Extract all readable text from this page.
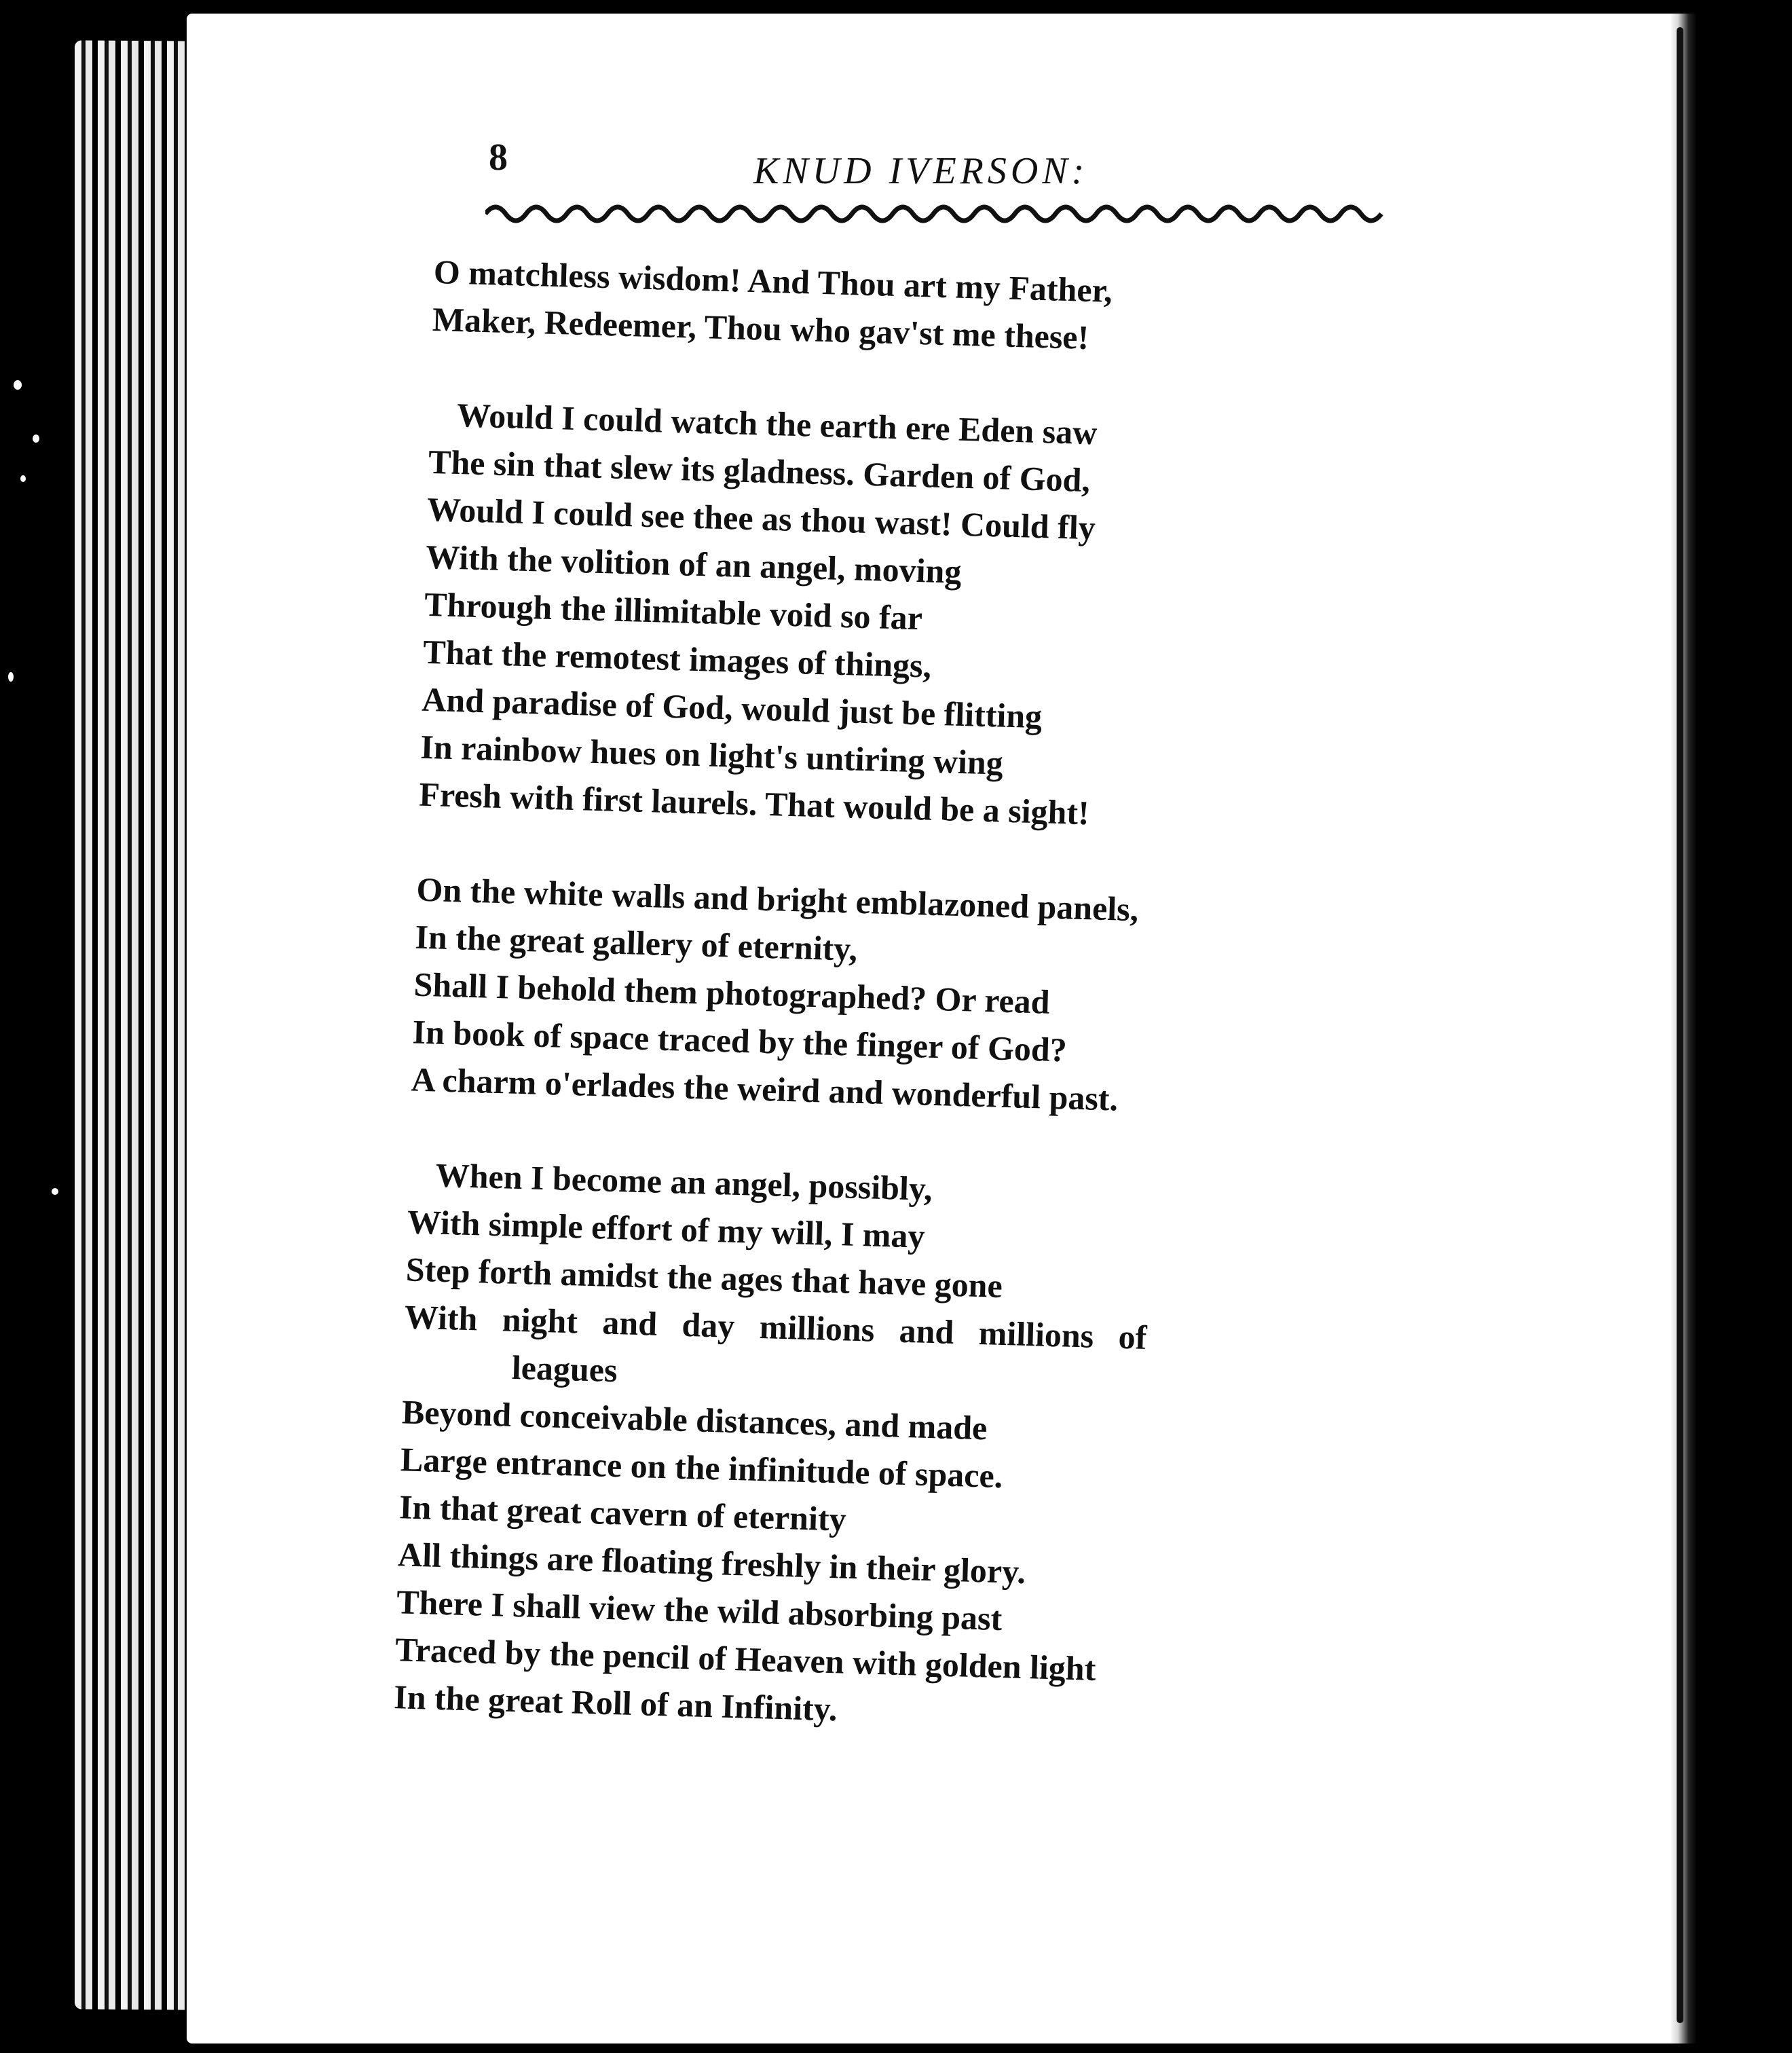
8	KNUD IVERSON:
O matchless wisdom! And Thou art my Father,
Maker, Redeemer, Thou who gav'st me these!
Would I could watch the earth ere Eden saw
The sin that slew its gladness. Garden of God,
Would I could see thee as thou wast! Could fly
With the volition of an angel, moving
Through the illimitable void so far
That the remotest images of things,
And paradise of God, would just be flitting
In rainbow hues on light's untiring wing
Fresh with first laurels. That would be a sight!
On the white walls and bright emblazoned panels,
In the great gallery of eternity,
Shall I behold them photographed? Or read
In book of space traced by the finger of God?
A charm o'erlades the weird and wonderful past.
When I become an angel, possibly,
With simple effort of my will, I may
Step forth amidst the ages that have gone
With night and day millions and millions of
leagues
Beyond conceivable distances, and made
Large entrance on the infinitude of space.
In that great cavern of eternity
All things are floating freshly in their glory.
There I shall view the wild absorbing past
Traced by the pencil of Heaven with golden light
In the great Roll of an Infinity.
